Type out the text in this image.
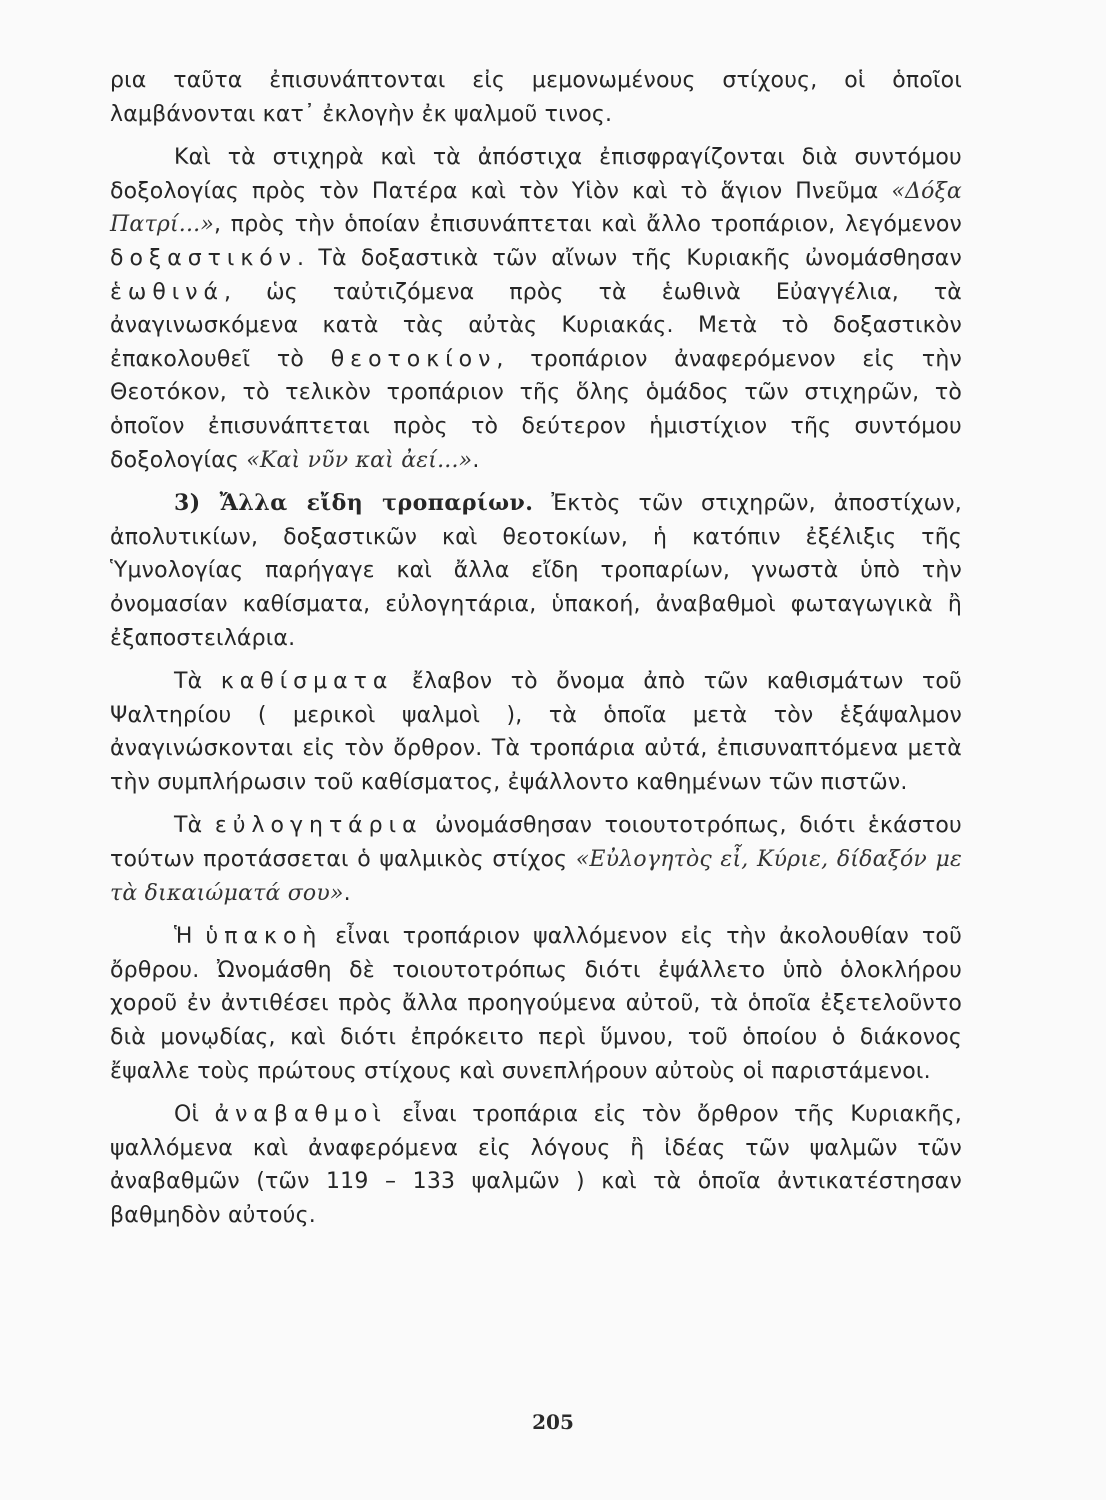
ρια ταῦτα ἐπισυνάπτονται εἰς μεμονωμένους στίχους, οἱ ὁποῖοι λαμβάνονται κατ᾽ ἐκλογὴν ἐκ ψαλμοῦ τινος.

Καὶ τὰ στιχηρὰ καὶ τὰ ἀπόστιχα ἐπισφραγίζονται διὰ συντόμου δοξολογίας πρὸς τὸν Πατέρα καὶ τὸν Υἱὸν καὶ τὸ ἅγιον Πνεῦμα «Δόξα Πατρί...», πρὸς τὴν ὁποίαν ἐπισυνάπτεται καὶ ἄλλο τροπάριον, λεγόμενον δοξαστικόν. Τὰ δοξαστικὰ τῶν αἴνων τῆς Κυριακῆς ὠνομάσθησαν ἑωθινά, ὡς ταὐτιζόμενα πρὸς τὰ ἑωθινὰ Εὐαγγέλια, τὰ ἀναγινωσκόμενα κατὰ τὰς αὐτὰς Κυριακάς. Μετὰ τὸ δοξαστικὸν ἐπακολουθεῖ τὸ θεοτοκίον, τροπάριον ἀναφερόμενον εἰς τὴν Θεοτόκον, τὸ τελικὸν τροπάριον τῆς ὅλης ὁμάδος τῶν στιχηρῶν, τὸ ὁποῖον ἐπισυνάπτεται πρὸς τὸ δεύτερον ἡμιστίχιον τῆς συντόμου δοξολογίας «Καὶ νῦν καὶ ἀεί...».

3) Ἄλλα εἴδη τροπαρίων. Ἐκτὸς τῶν στιχηρῶν, ἀποστίχων, ἀπολυτικίων, δοξαστικῶν καὶ θεοτοκίων, ἡ κατόπιν ἐξέλιξις τῆς Ὑμνολογίας παρήγαγε καὶ ἄλλα εἴδη τροπαρίων, γνωστὰ ὑπὸ τὴν ὀνομασίαν καθίσματα, εὐλογητάρια, ὑπακοή, ἀναβαθμοὶ φωταγωγικὰ ἢ ἐξαποστειλάρια.

Τὰ καθίσματα ἔλαβον τὸ ὄνομα ἀπὸ τῶν καθισμάτων τοῦ Ψαλτηρίου ( μερικοὶ ψαλμοὶ ), τὰ ὁποῖα μετὰ τὸν ἑξάψαλμον ἀναγινώσκονται εἰς τὸν ὄρθρον. Τὰ τροπάρια αὐτά, ἐπισυναπτόμενα μετὰ τὴν συμπλήρωσιν τοῦ καθίσματος, ἐψάλλοντο καθημένων τῶν πιστῶν.

Τὰ εὐλογητάρια ὠνομάσθησαν τοιουτοτρόπως, διότι ἑκάστου τούτων προτάσσεται ὁ ψαλμικὸς στίχος «Εὐλογητὸς εἶ, Κύριε, δίδαξόν με τὰ δικαιώματά σου».

Ἡ ὑπακοὴ εἶναι τροπάριον ψαλλόμενον εἰς τὴν ἀκολουθίαν τοῦ ὄρθρου. Ὠνομάσθη δὲ τοιουτοτρόπως διότι ἐψάλλετο ὑπὸ ὁλοκλήρου χοροῦ ἐν ἀντιθέσει πρὸς ἄλλα προηγούμενα αὐτοῦ, τὰ ὁποῖα ἐξετελοῦντο διὰ μονῳδίας, καὶ διότι ἐπρόκειτο περὶ ὕμνου, τοῦ ὁποίου ὁ διάκονος ἔψαλλε τοὺς πρώτους στίχους καὶ συνεπλήρουν αὐτοὺς οἱ παριστάμενοι.

Οἱ ἀναβαθμοὶ εἶναι τροπάρια εἰς τὸν ὄρθρον τῆς Κυριακῆς, ψαλλόμενα καὶ ἀναφερόμενα εἰς λόγους ἢ ἰδέας τῶν ψαλμῶν τῶν ἀναβαθμῶν (τῶν 119 – 133 ψαλμῶν ) καὶ τὰ ὁποῖα ἀντικατέστησαν βαθμηδὸν αὐτούς.

205
